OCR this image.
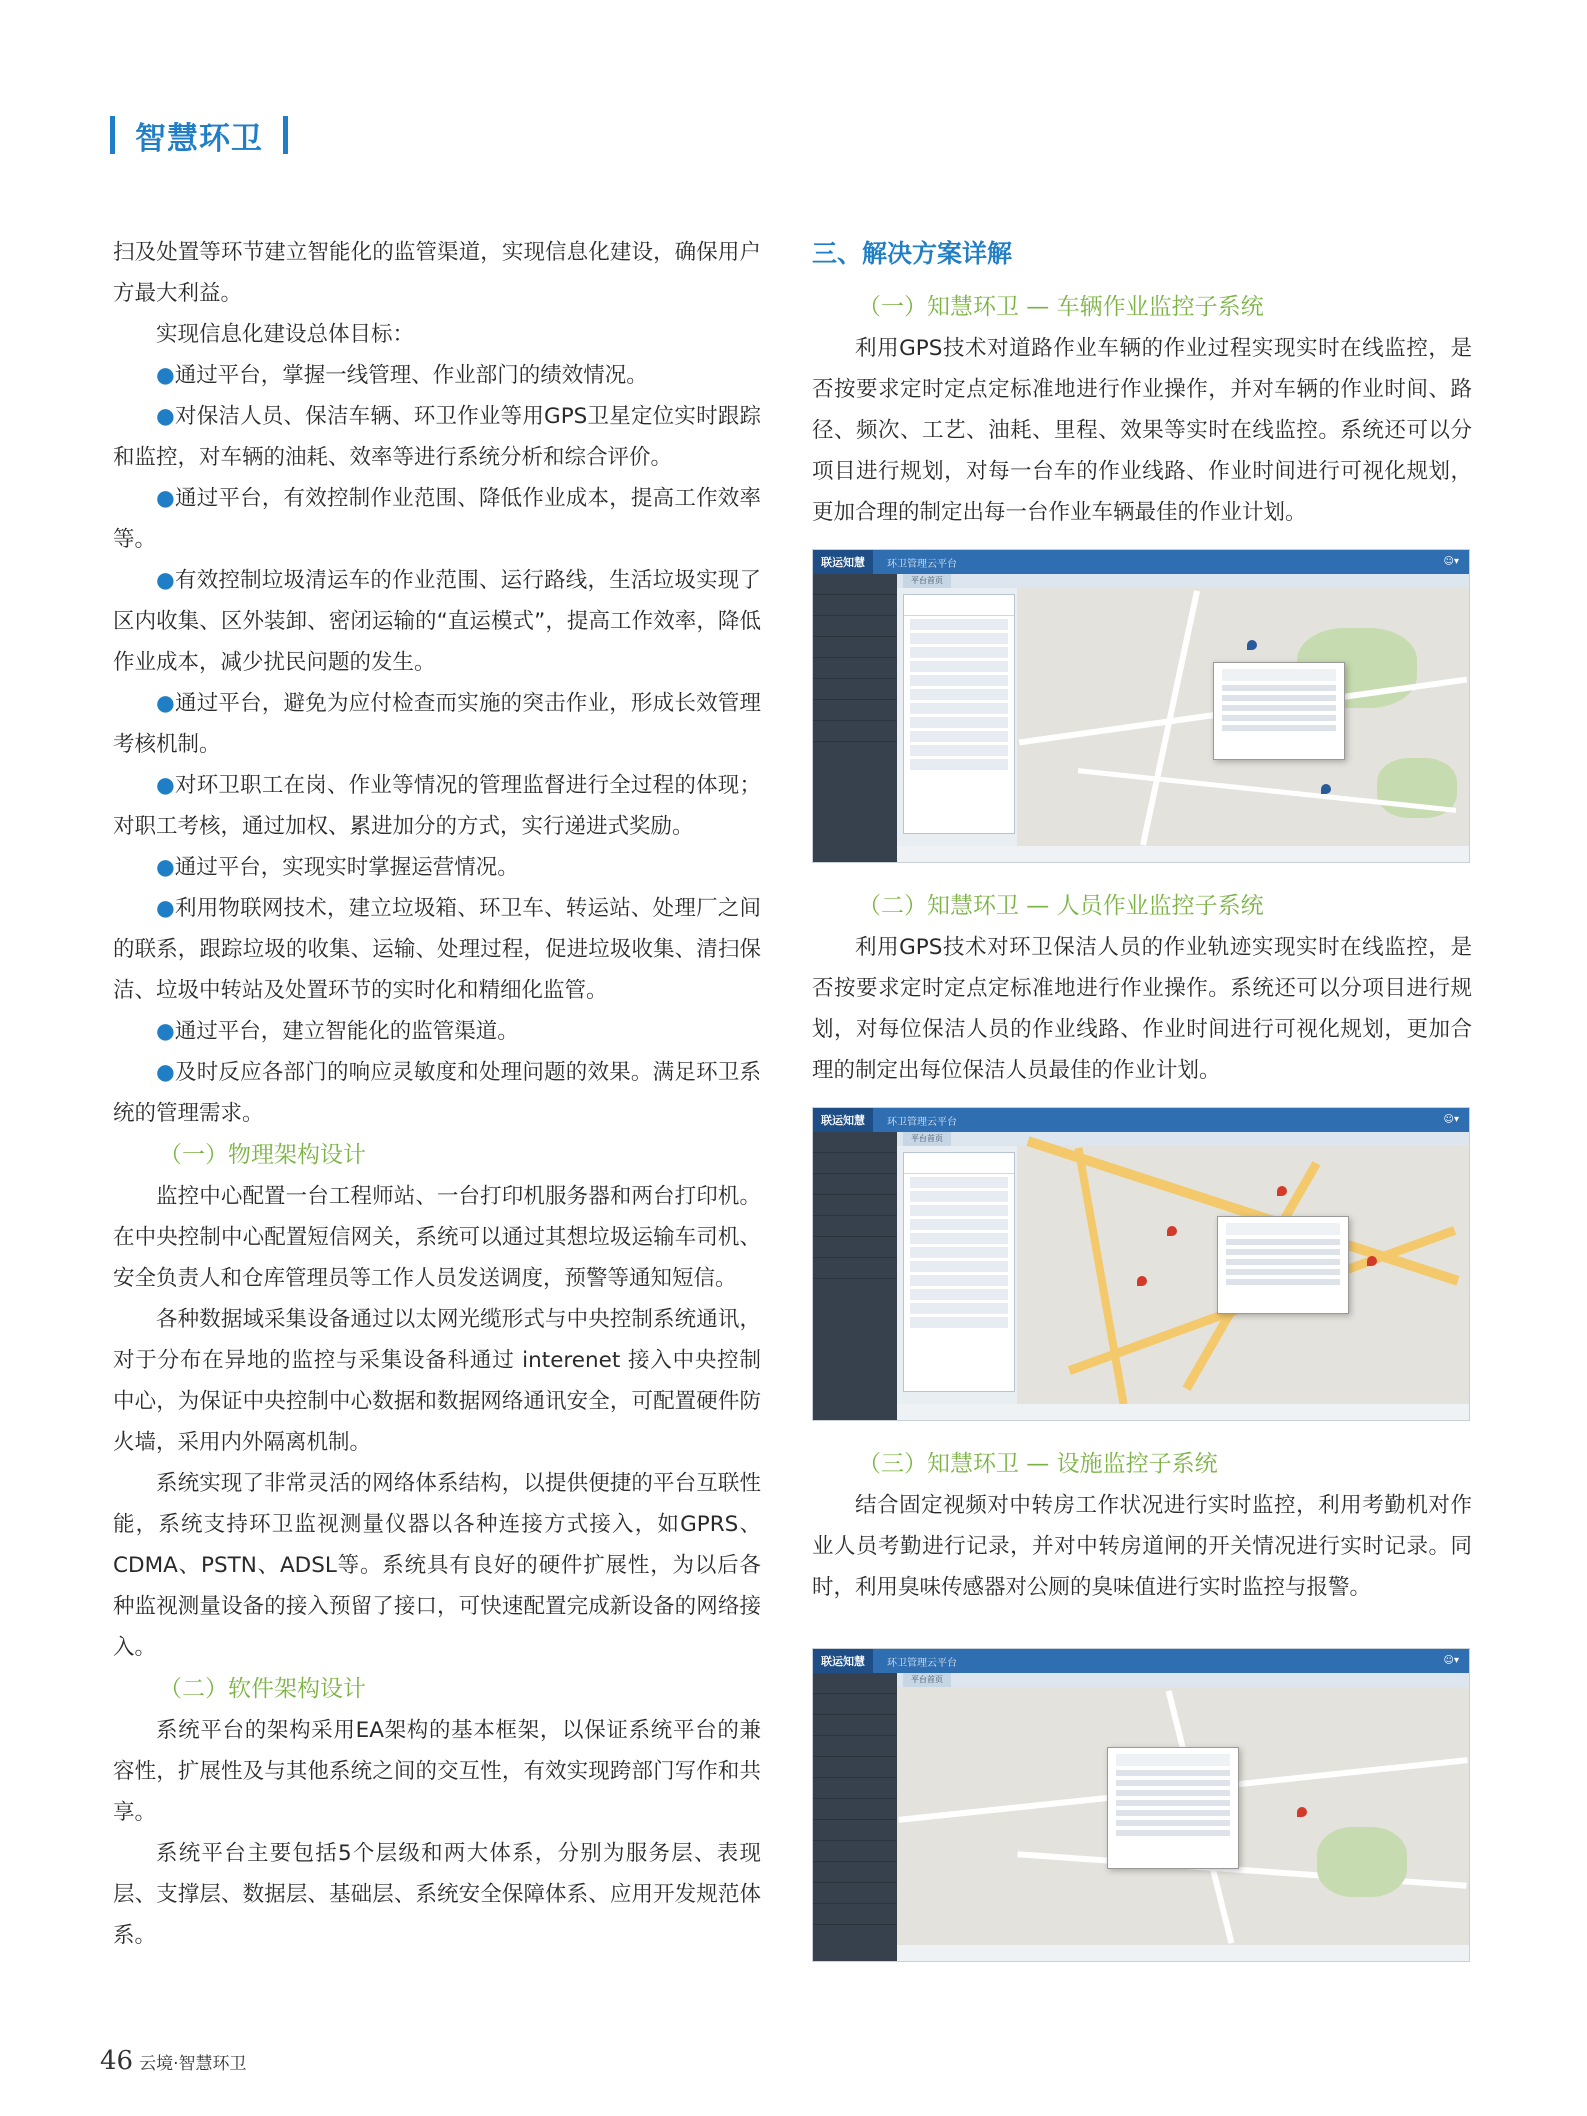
智慧环卫

扫及处置等环节建立智能化的监管渠道，实现信息化建设，确保用户方最大利益。

实现信息化建设总体目标：

●通过平台，掌握一线管理、作业部门的绩效情况。

●对保洁人员、保洁车辆、环卫作业等用GPS卫星定位实时跟踪和监控，对车辆的油耗、效率等进行系统分析和综合评价。

●通过平台，有效控制作业范围、降低作业成本，提高工作效率等。

●有效控制垃圾清运车的作业范围、运行路线，生活垃圾实现了区内收集、区外装卸、密闭运输的“直运模式”，提高工作效率，降低作业成本，减少扰民问题的发生。

●通过平台，避免为应付检查而实施的突击作业，形成长效管理考核机制。

●对环卫职工在岗、作业等情况的管理监督进行全过程的体现；对职工考核，通过加权、累进加分的方式，实行递进式奖励。

●通过平台，实现实时掌握运营情况。

●利用物联网技术，建立垃圾箱、环卫车、转运站、处理厂之间的联系，跟踪垃圾的收集、运输、处理过程，促进垃圾收集、清扫保洁、垃圾中转站及处置环节的实时化和精细化监管。

●通过平台，建立智能化的监管渠道。

●及时反应各部门的响应灵敏度和处理问题的效果。满足环卫系统的管理需求。

（一）物理架构设计

监控中心配置一台工程师站、一台打印机服务器和两台打印机。在中央控制中心配置短信网关，系统可以通过其想垃圾运输车司机、安全负责人和仓库管理员等工作人员发送调度，预警等通知短信。

各种数据域采集设备通过以太网光缆形式与中央控制系统通讯，对于分布在异地的监控与采集设备科通过 interenet 接入中央控制中心，为保证中央控制中心数据和数据网络通讯安全，可配置硬件防火墙，采用内外隔离机制。

系统实现了非常灵活的网络体系结构，以提供便捷的平台互联性能，系统支持环卫监视测量仪器以各种连接方式接入，如GPRS、CDMA、PSTN、ADSL等。系统具有良好的硬件扩展性，为以后各种监视测量设备的接入预留了接口，可快速配置完成新设备的网络接入。

（二）软件架构设计

系统平台的架构采用EA架构的基本框架，以保证系统平台的兼容性，扩展性及与其他系统之间的交互性，有效实现跨部门写作和共享。

系统平台主要包括5个层级和两大体系，分别为服务层、表现层、支撑层、数据层、基础层、系统安全保障体系、应用开发规范体系。

三、解决方案详解

（一）知慧环卫 — 车辆作业监控子系统

利用GPS技术对道路作业车辆的作业过程实现实时在线监控，是否按要求定时定点定标准地进行作业操作，并对车辆的作业时间、路径、频次、工艺、油耗、里程、效果等实时在线监控。系统还可以分项目进行规划，对每一台车的作业线路、作业时间进行可视化规划，更加合理的制定出每一台作业车辆最佳的作业计划。

联运知慧	环卫管理云平台	☺▾
平台首页

（二）知慧环卫 — 人员作业监控子系统

利用GPS技术对环卫保洁人员的作业轨迹实现实时在线监控，是否按要求定时定点定标准地进行作业操作。系统还可以分项目进行规划，对每位保洁人员的作业线路、作业时间进行可视化规划，更加合理的制定出每位保洁人员最佳的作业计划。

联运知慧	环卫管理云平台	☺▾
平台首页

（三）知慧环卫 — 设施监控子系统

结合固定视频对中转房工作状况进行实时监控，利用考勤机对作业人员考勤进行记录，并对中转房道闸的开关情况进行实时记录。同时，利用臭味传感器对公厕的臭味值进行实时监控与报警。

联运知慧	环卫管理云平台	☺▾
平台首页
46 云境·智慧环卫
